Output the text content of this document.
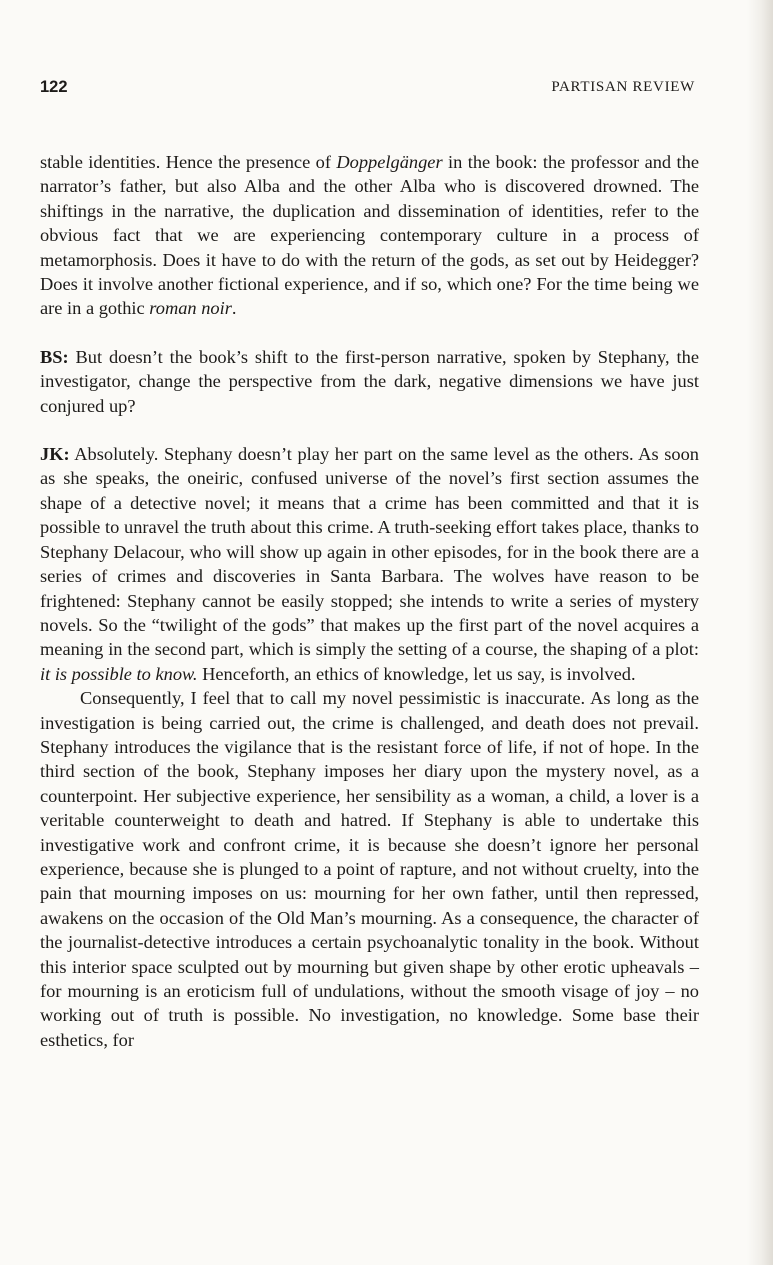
122	PARTISAN REVIEW

stable identities. Hence the presence of Doppelgänger in the book: the professor and the narrator’s father, but also Alba and the other Alba who is discovered drowned. The shiftings in the narrative, the duplication and dissemination of identities, refer to the obvious fact that we are experiencing contemporary culture in a process of metamorphosis. Does it have to do with the return of the gods, as set out by Heidegger? Does it involve another fictional experience, and if so, which one? For the time being we are in a gothic roman noir.

BS: But doesn’t the book’s shift to the first-person narrative, spoken by Stephany, the investigator, change the perspective from the dark, negative dimensions we have just conjured up?

JK: Absolutely. Stephany doesn’t play her part on the same level as the others. As soon as she speaks, the oneiric, confused universe of the novel’s first section assumes the shape of a detective novel; it means that a crime has been committed and that it is possible to unravel the truth about this crime. A truth-seeking effort takes place, thanks to Stephany Delacour, who will show up again in other episodes, for in the book there are a series of crimes and discoveries in Santa Barbara. The wolves have reason to be frightened: Stephany cannot be easily stopped; she intends to write a series of mystery novels. So the “twilight of the gods” that makes up the first part of the novel acquires a meaning in the second part, which is simply the setting of a course, the shaping of a plot: it is possible to know. Henceforth, an ethics of knowledge, let us say, is involved.

Consequently, I feel that to call my novel pessimistic is inaccurate. As long as the investigation is being carried out, the crime is challenged, and death does not prevail. Stephany introduces the vigilance that is the resistant force of life, if not of hope. In the third section of the book, Stephany imposes her diary upon the mystery novel, as a counterpoint. Her subjective experience, her sensibility as a woman, a child, a lover is a veritable counterweight to death and hatred. If Stephany is able to undertake this investigative work and confront crime, it is because she doesn’t ignore her personal experience, because she is plunged to a point of rapture, and not without cruelty, into the pain that mourning imposes on us: mourning for her own father, until then repressed, awakens on the occasion of the Old Man’s mourning. As a consequence, the character of the journalist-detective introduces a certain psychoanalytic tonality in the book. Without this interior space sculpted out by mourning but given shape by other erotic upheavals – for mourning is an eroticism full of undulations, without the smooth visage of joy – no working out of truth is possible. No investigation, no knowledge. Some base their esthetics, for
